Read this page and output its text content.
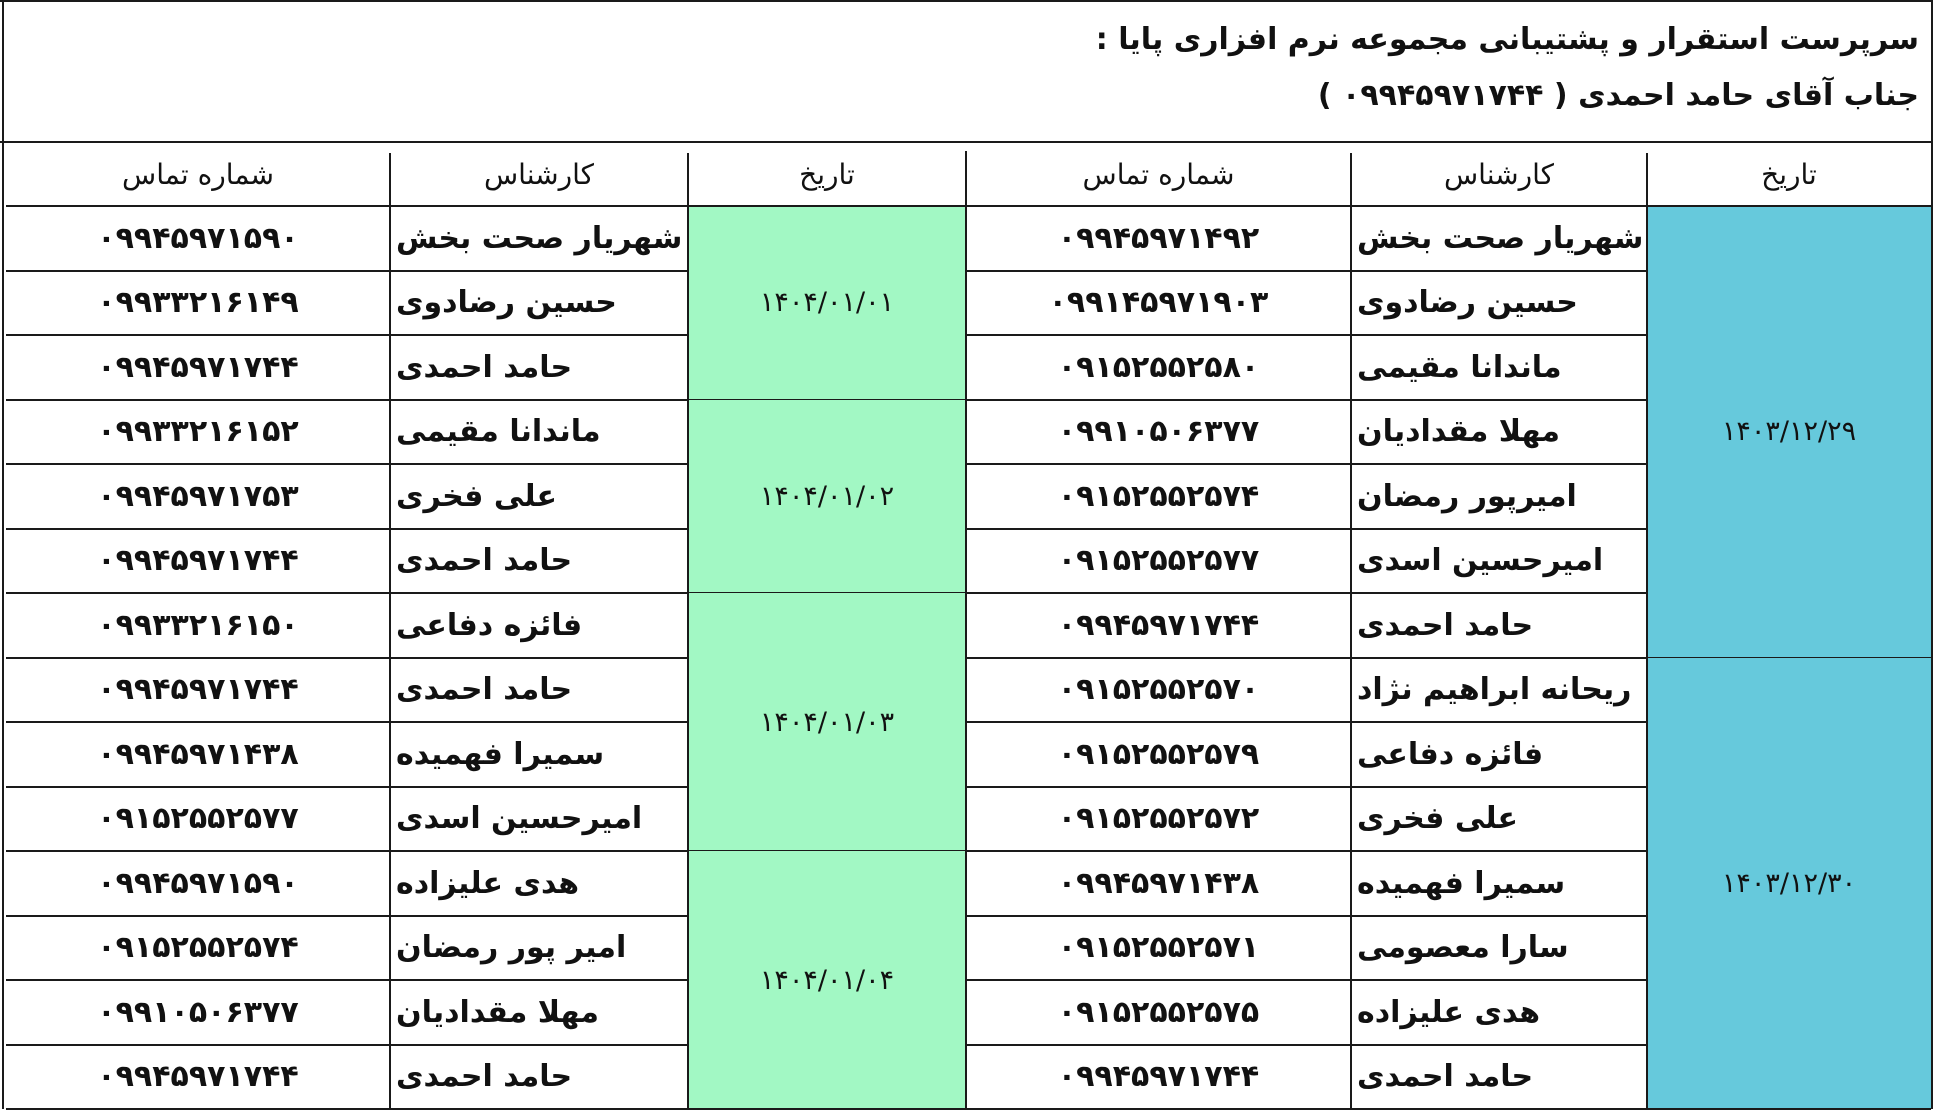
سرپرست استقرار و پشتیبانی مجموعه نرم افزاری پایا :
جناب آقای حامد احمدی ( ۰۹۹۴۵۹۷۱۷۴۴ )
تاریخ
کارشناس
شماره تماس
۱۴۰۳/۱۲/۲۹
شهریار صحت بخش
۰۹۹۴۵۹۷۱۴۹۲
حسین رضادوی
۰۹۹۱۴۵۹۷۱۹۰۳
ماندانا مقیمی
۰۹۱۵۲۵۵۲۵۸۰
مهلا مقدادیان
۰۹۹۱۰۵۰۶۳۷۷
امیرپور رمضان
۰۹۱۵۲۵۵۲۵۷۴
امیرحسین اسدی
۰۹۱۵۲۵۵۲۵۷۷
حامد احمدی
۰۹۹۴۵۹۷۱۷۴۴
۱۴۰۳/۱۲/۳۰
ریحانه ابراهیم نژاد
۰۹۱۵۲۵۵۲۵۷۰
فائزه دفاعی
۰۹۱۵۲۵۵۲۵۷۹
علی فخری
۰۹۱۵۲۵۵۲۵۷۲
سمیرا فهمیده
۰۹۹۴۵۹۷۱۴۳۸
سارا معصومی
۰۹۱۵۲۵۵۲۵۷۱
هدی علیزاده
۰۹۱۵۲۵۵۲۵۷۵
حامد احمدی
۰۹۹۴۵۹۷۱۷۴۴
تاریخ
کارشناس
شماره تماس
۱۴۰۴/۰۱/۰۱
شهریار صحت بخش
۰۹۹۴۵۹۷۱۵۹۰
حسین رضادوی
۰۹۹۳۳۲۱۶۱۴۹
حامد احمدی
۰۹۹۴۵۹۷۱۷۴۴
۱۴۰۴/۰۱/۰۲
ماندانا مقیمی
۰۹۹۳۳۲۱۶۱۵۲
علی فخری
۰۹۹۴۵۹۷۱۷۵۳
حامد احمدی
۰۹۹۴۵۹۷۱۷۴۴
۱۴۰۴/۰۱/۰۳
فائزه دفاعی
۰۹۹۳۳۲۱۶۱۵۰
حامد احمدی
۰۹۹۴۵۹۷۱۷۴۴
سمیرا فهمیده
۰۹۹۴۵۹۷۱۴۳۸
امیرحسین اسدی
۰۹۱۵۲۵۵۲۵۷۷
۱۴۰۴/۰۱/۰۴
هدی علیزاده
۰۹۹۴۵۹۷۱۵۹۰
امیر پور رمضان
۰۹۱۵۲۵۵۲۵۷۴
مهلا مقدادیان
۰۹۹۱۰۵۰۶۳۷۷
حامد احمدی
۰۹۹۴۵۹۷۱۷۴۴
